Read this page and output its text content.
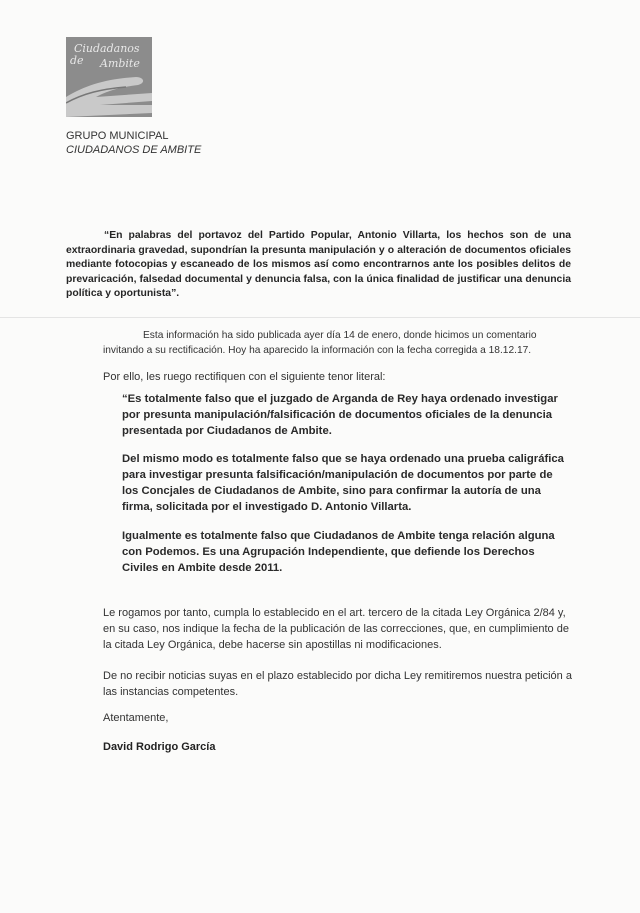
Ciudadanos
de Ambite
GRUPO MUNICIPAL
CIUDADANOS DE AMBITE

“En palabras del portavoz del Partido Popular, Antonio Villarta, los hechos son de una extraordinaria gravedad, supondrían la presunta manipulación y o alteración de documentos oficiales mediante fotocopias y escaneado de los mismos así como encontrarnos ante los posibles delitos de prevaricación, falsedad documental y denuncia falsa, con la única finalidad de justificar una denuncia política y oportunista”.

Esta información ha sido publicada ayer día 14 de enero, donde hicimos un comentario invitando a su rectificación. Hoy ha aparecido la información con la fecha corregida a 18.12.17.

Por ello, les ruego rectifiquen con el siguiente tenor literal:

“Es totalmente falso que el juzgado de Arganda de Rey haya ordenado investigar por presunta manipulación/falsificación de documentos oficiales de la denuncia presentada por Ciudadanos de Ambite.

Del mismo modo es totalmente falso que se haya ordenado una prueba caligráfica para investigar presunta falsificación/manipulación de documentos por parte de los Concjales de Ciudadanos de Ambite, sino para confirmar la autoría de una firma, solicitada por el investigado D. Antonio Villarta.

Igualmente es totalmente falso que Ciudadanos de Ambite tenga relación alguna con Podemos. Es una Agrupación Independiente, que defiende los Derechos Civiles en Ambite desde 2011.

Le rogamos por tanto, cumpla lo establecido en el art. tercero de la citada Ley Orgánica 2/84 y, en su caso, nos indique la fecha de la publicación de las correcciones, que, en cumplimiento de la citada Ley Orgánica, debe hacerse sin apostillas ni modificaciones.

De no recibir noticias suyas en el plazo establecido por dicha Ley remitiremos nuestra petición a las instancias competentes.

Atentamente,

David Rodrigo García
